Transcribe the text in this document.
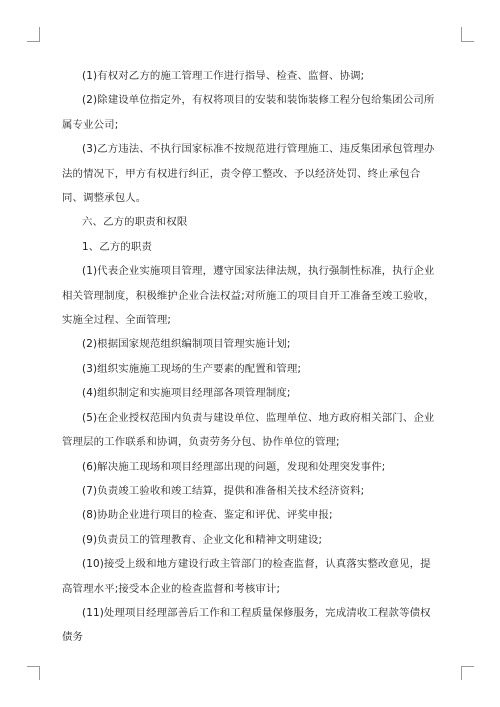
(1)有权对乙方的施工管理工作进行指导、检查、监督、协调;

(2)除建设单位指定外，有权将项目的安装和装饰装修工程分包给集团公司所属专业公司;

(3)乙方违法、不执行国家标准不按规范进行管理施工、违反集团承包管理办法的情况下，甲方有权进行纠正，责令停工整改、予以经济处罚、终止承包合同、调整承包人。

六、乙方的职责和权限

1、乙方的职责

(1)代表企业实施项目管理，遵守国家法律法规，执行强制性标准，执行企业相关管理制度，积极维护企业合法权益;对所施工的项目自开工准备至竣工验收，实施全过程、全面管理;

(2)根据国家规范组织编制项目管理实施计划;

(3)组织实施施工现场的生产要素的配置和管理;

(4)组织制定和实施项目经理部各项管理制度;

(5)在企业授权范围内负责与建设单位、监理单位、地方政府相关部门、企业管理层的工作联系和协调，负责劳务分包、协作单位的管理;

(6)解决施工现场和项目经理部出现的问题，发现和处理突发事件;

(7)负责竣工验收和竣工结算，提供和准备相关技术经济资料;

(8)协助企业进行项目的检查、鉴定和评优、评奖申报;

(9)负责员工的管理教育、企业文化和精神文明建设;

(10)接受上级和地方建设行政主管部门的检查监督，认真落实整改意见，提高管理水平;接受本企业的检查监督和考核审计;

(11)处理项目经理部善后工作和工程质量保修服务，完成清收工程款等债权债务
